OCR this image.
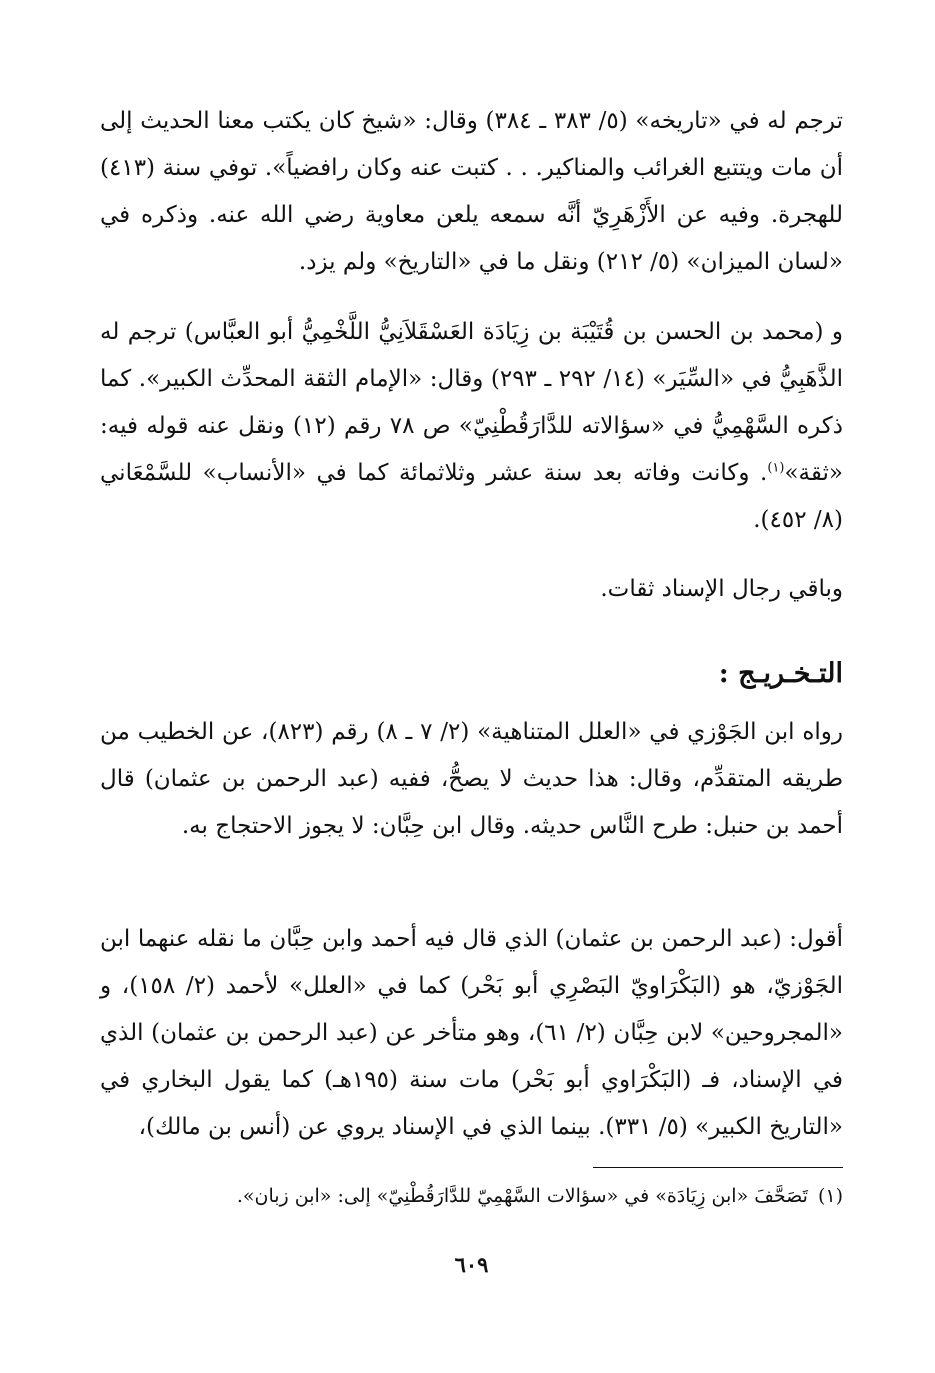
ترجم له في «تاريخه» (٥/ ٣٨٣ ـ ٣٨٤) وقال: «شيخ كان يكتب معنا الحديث إلى أن مات ويتتبع الغرائب والمناكير. . . كتبت عنه وكان رافضياً». توفي سنة (٤١٣) للهجرة. وفيه عن الأَزْهَرِيّ أنَّه سمعه يلعن معاوية رضي الله عنه. وذكره في «لسان الميزان» (٥/ ٢١٢) ونقل ما في «التاريخ» ولم يزد.

و (محمد بن الحسن بن قُتَيْبَة بن زِيَادَة العَسْقَلاَنِيُّ اللَّخْمِيُّ أبو العبَّاس) ترجم له الذَّهَبِيُّ في «السِّيَر» (١٤/ ٢٩٢ ـ ٢٩٣) وقال: «الإمام الثقة المحدِّث الكبير». كما ذكره السَّهْمِيُّ في «سؤالاته للدَّارَقُطْنِيّ» ص ٧٨ رقم (١٢) ونقل عنه قوله فيه: «ثقة»$^{(١)}$. وكانت وفاته بعد سنة عشر وثلاثمائة كما في «الأنساب» للسَّمْعَاني (٨/ ٤٥٢).

وباقي رجال الإسناد ثقات.

التـخـريـج :

رواه ابن الجَوْزي في «العلل المتناهية» (٢/ ٧ ـ ٨) رقم (٨٢٣)، عن الخطيب من طريقه المتقدِّم، وقال: هذا حديث لا يصحُّ، ففيه (عبد الرحمن بن عثمان) قال أحمد بن حنبل: طرح النَّاس حديثه. وقال ابن حِبَّان: لا يجوز الاحتجاج به.

أقول: (عبد الرحمن بن عثمان) الذي قال فيه أحمد وابن حِبَّان ما نقله عنهما ابن الجَوْزيّ، هو (البَكْرَاويّ البَصْرِي أبو بَحْر) كما في «العلل» لأحمد (٢/ ١٥٨)، و «المجروحين» لابن حِبَّان (٢/ ٦١)، وهو متأخر عن (عبد الرحمن بن عثمان) الذي في الإسناد، فـ (البَكْرَاوي أبو بَحْر) مات سنة (١٩٥هـ) كما يقول البخاري في «التاريخ الكبير» (٥/ ٣٣١). بينما الذي في الإسناد يروي عن (أنس بن مالك)،

(١)تَصَحَّفَ «ابن زِيَادَة» في «سؤالات السَّهْمِيّ للدَّارَقُطْنِيّ» إلى: «ابن زبان».

٦٠٩
